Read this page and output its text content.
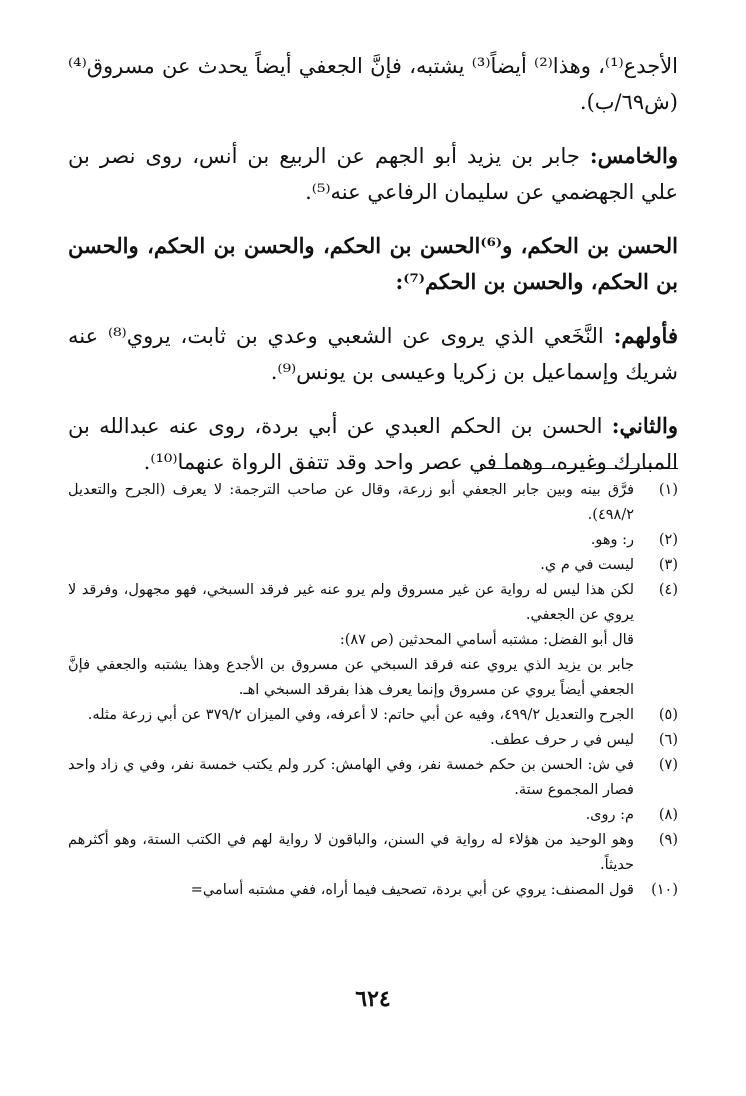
الأجدع⁽¹⁾، وهذا⁽²⁾ أيضاً⁽³⁾ يشتبه، فإنَّ الجعفي أيضاً يحدث عن مسروق⁽⁴⁾ (ش٦٩/ب).

والخامس: جابر بن يزيد أبو الجهم عن الربيع بن أنس، روى نصر بن علي الجهضمي عن سليمان الرفاعي عنه⁽⁵⁾.

الحسن بن الحكم، و⁽⁶⁾الحسن بن الحكم، والحسن بن الحكم، والحسن بن الحكم، والحسن بن الحكم⁽⁷⁾:

فأولهم: النَّخَعي الذي يروى عن الشعبي وعدي بن ثابت، يروي⁽⁸⁾ عنه شريك وإسماعيل بن زكريا وعيسى بن يونس⁽⁹⁾.

والثاني: الحسن بن الحكم العبدي عن أبي بردة، روى عنه عبدالله بن المبارك وغيره، وهما في عصر واحد وقد تتفق الرواة عنهما⁽¹⁰⁾.

(١)
فرَّق بينه وبين جابر الجعفي أبو زرعة، وقال عن صاحب الترجمة: لا يعرف (الجرح والتعديل ٤٩٨/٢).
(٢)
ر: وهو.
(٣)
ليست في م ي.
(٤)
لكن هذا ليس له رواية عن غير مسروق ولم يرو عنه غير فرقد السبخي، فهو مجهول، وفرقد لا يروي عن الجعفي.
قال أبو الفضل: مشتبه أسامي المحدثين (ص ٨٧):
جابر بن يزيد الذي يروي عنه فرقد السبخي عن مسروق بن الأجدع وهذا يشتبه والجعفي فإنَّ الجعفي أيضاً يروي عن مسروق وإنما يعرف هذا بفرقد السبخي اهـ.
(٥)
الجرح والتعديل ٤٩٩/٢، وفيه عن أبي حاتم: لا أعرفه، وفي الميزان ٣٧٩/٢ عن أبي زرعة مثله.
(٦)
ليس في ر حرف عطف.
(٧)
في ش: الحسن بن حكم خمسة نفر، وفي الهامش: كرر ولم يكتب خمسة نفر، وفي ي زاد واحد فصار المجموع ستة.
(٨)
م: روى.
(٩)
وهو الوحيد من هؤلاء له رواية في السنن، والباقون لا رواية لهم في الكتب الستة، وهو أكثرهم حديثاً.
(١٠)
قول المصنف: يروي عن أبي بردة، تصحيف فيما أراه، ففي مشتبه أسامي=
٦٢٤
